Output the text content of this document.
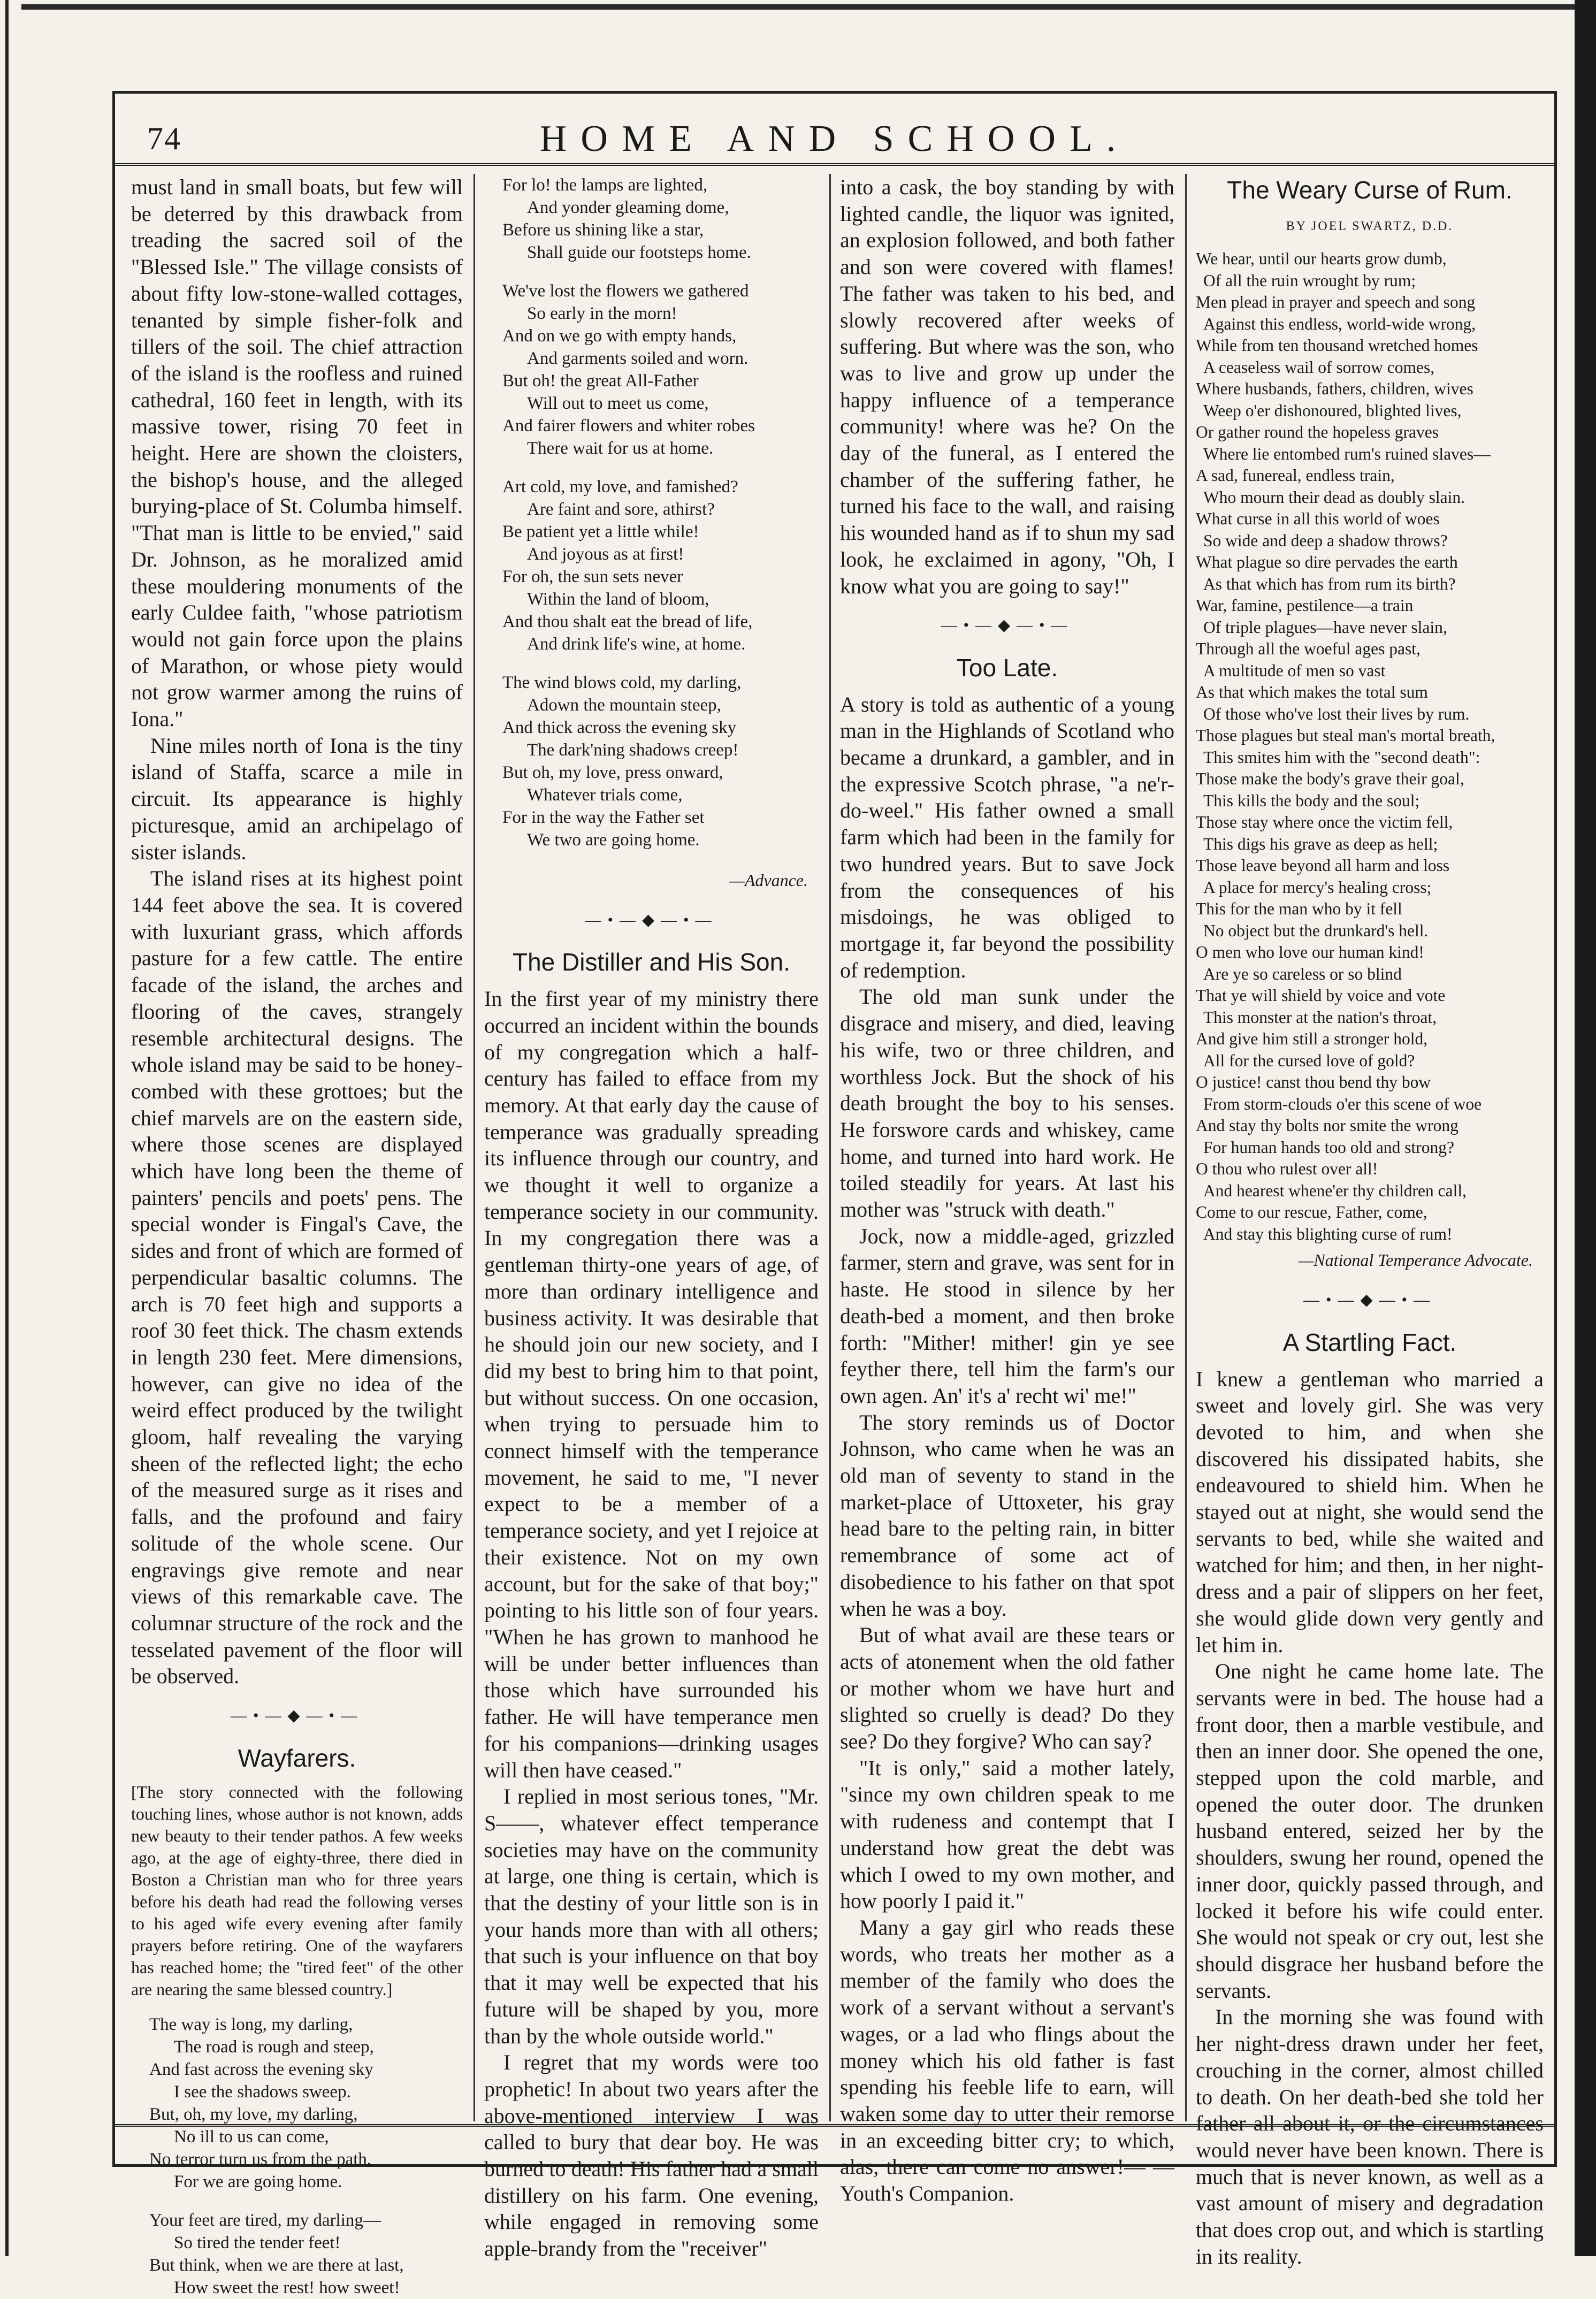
74	HOME AND SCHOOL.

must land in small boats, but few will be deterred by this drawback from treading the sacred soil of the "Blessed Isle." The village consists of about fifty low-stone-walled cottages, tenanted by simple fisher-folk and tillers of the soil. The chief attraction of the island is the roofless and ruined cathedral, 160 feet in length, with its massive tower, rising 70 feet in height. Here are shown the cloisters, the bishop's house, and the alleged burying-place of St. Columba himself. "That man is little to be envied," said Dr. Johnson, as he moralized amid these mouldering monuments of the early Culdee faith, "whose patriotism would not gain force upon the plains of Marathon, or whose piety would not grow warmer among the ruins of Iona."

Nine miles north of Iona is the tiny island of Staffa, scarce a mile in circuit. Its appearance is highly picturesque, amid an archipelago of sister islands.

The island rises at its highest point 144 feet above the sea. It is covered with luxuriant grass, which affords pasture for a few cattle. The entire facade of the island, the arches and flooring of the caves, strangely resemble architectural designs. The whole island may be said to be honey-combed with these grottoes; but the chief marvels are on the eastern side, where those scenes are displayed which have long been the theme of painters' pencils and poets' pens. The special wonder is Fingal's Cave, the sides and front of which are formed of perpendicular basaltic columns. The arch is 70 feet high and supports a roof 30 feet thick. The chasm extends in length 230 feet. Mere dimensions, however, can give no idea of the weird effect produced by the twilight gloom, half revealing the varying sheen of the reflected light; the echo of the measured surge as it rises and falls, and the profound and fairy solitude of the whole scene. Our engravings give remote and near views of this remarkable cave. The columnar structure of the rock and the tesselated pavement of the floor will be observed.

—•—◆—•—
Wayfarers.
[The story connected with the following touching lines, whose author is not known, adds new beauty to their tender pathos. A few weeks ago, at the age of eighty-three, there died in Boston a Christian man who for three years before his death had read the following verses to his aged wife every evening after family prayers before retiring. One of the wayfarers has reached home; the "tired feet" of the other are nearing the same blessed country.]
The way is long, my darling,
The road is rough and steep,
And fast across the evening sky
I see the shadows sweep.
But, oh, my love, my darling,
No ill to us can come,
No terror turn us from the path,
For we are going home.
Your feet are tired, my darling—
So tired the tender feet!
But think, when we are there at last,
How sweet the rest! how sweet!
For lo! the lamps are lighted,
And yonder gleaming dome,
Before us shining like a star,
Shall guide our footsteps home.
We've lost the flowers we gathered
So early in the morn!
And on we go with empty hands,
And garments soiled and worn.
But oh! the great All-Father
Will out to meet us come,
And fairer flowers and whiter robes
There wait for us at home.
Art cold, my love, and famished?
Are faint and sore, athirst?
Be patient yet a little while!
And joyous as at first!
For oh, the sun sets never
Within the land of bloom,
And thou shalt eat the bread of life,
And drink life's wine, at home.
The wind blows cold, my darling,
Adown the mountain steep,
And thick across the evening sky
The dark'ning shadows creep!
But oh, my love, press onward,
Whatever trials come,
For in the way the Father set
We two are going home.
—Advance.
—•—◆—•—
The Distiller and His Son.

In the first year of my ministry there occurred an incident within the bounds of my congregation which a half-century has failed to efface from my memory. At that early day the cause of temperance was gradually spreading its influence through our country, and we thought it well to organize a temperance society in our community. In my congregation there was a gentleman thirty-one years of age, of more than ordinary intelligence and business activity. It was desirable that he should join our new society, and I did my best to bring him to that point, but without success. On one occasion, when trying to persuade him to connect himself with the temperance movement, he said to me, "I never expect to be a member of a temperance society, and yet I rejoice at their existence. Not on my own account, but for the sake of that boy;" pointing to his little son of four years. "When he has grown to manhood he will be under better influences than those which have surrounded his father. He will have temperance men for his companions—drinking usages will then have ceased."

I replied in most serious tones, "Mr. S——, whatever effect temperance societies may have on the community at large, one thing is certain, which is that the destiny of your little son is in your hands more than with all others; that such is your influence on that boy that it may well be expected that his future will be shaped by you, more than by the whole outside world."

I regret that my words were too prophetic! In about two years after the above-mentioned interview I was called to bury that dear boy. He was burned to death! His father had a small distillery on his farm. One evening, while engaged in removing some apple-brandy from the "receiver"

into a cask, the boy standing by with lighted candle, the liquor was ignited, an explosion followed, and both father and son were covered with flames! The father was taken to his bed, and slowly recovered after weeks of suffering. But where was the son, who was to live and grow up under the happy influence of a temperance community! where was he? On the day of the funeral, as I entered the chamber of the suffering father, he turned his face to the wall, and raising his wounded hand as if to shun my sad look, he exclaimed in agony, "Oh, I know what you are going to say!"

—•—◆—•—
Too Late.

A story is told as authentic of a young man in the Highlands of Scotland who became a drunkard, a gambler, and in the expressive Scotch phrase, "a ne'r-do-weel." His father owned a small farm which had been in the family for two hundred years. But to save Jock from the consequences of his misdoings, he was obliged to mortgage it, far beyond the possibility of redemption.

The old man sunk under the disgrace and misery, and died, leaving his wife, two or three children, and worthless Jock. But the shock of his death brought the boy to his senses. He forswore cards and whiskey, came home, and turned into hard work. He toiled steadily for years. At last his mother was "struck with death."

Jock, now a middle-aged, grizzled farmer, stern and grave, was sent for in haste. He stood in silence by her death-bed a moment, and then broke forth: "Mither! mither! gin ye see feyther there, tell him the farm's our own agen. An' it's a' recht wi' me!"

The story reminds us of Doctor Johnson, who came when he was an old man of seventy to stand in the market-place of Uttoxeter, his gray head bare to the pelting rain, in bitter remembrance of some act of disobedience to his father on that spot when he was a boy.

But of what avail are these tears or acts of atonement when the old father or mother whom we have hurt and slighted so cruelly is dead? Do they see? Do they forgive? Who can say?

"It is only," said a mother lately, "since my own children speak to me with rudeness and contempt that I understand how great the debt was which I owed to my own mother, and how poorly I paid it."

Many a gay girl who reads these words, who treats her mother as a member of the family who does the work of a servant without a servant's wages, or a lad who flings about the money which his old father is fast spending his feeble life to earn, will waken some day to utter their remorse in an exceeding bitter cry; to which, alas, there can come no answer!— —Youth's Companion.

The Weary Curse of Rum.
BY JOEL SWARTZ, D.D.
We hear, until our hearts grow dumb,
Of all the ruin wrought by rum;
Men plead in prayer and speech and song
Against this endless, world-wide wrong,
While from ten thousand wretched homes
A ceaseless wail of sorrow comes,
Where husbands, fathers, children, wives
Weep o'er dishonoured, blighted lives,
Or gather round the hopeless graves
Where lie entombed rum's ruined slaves—
A sad, funereal, endless train,
Who mourn their dead as doubly slain.
What curse in all this world of woes
So wide and deep a shadow throws?
What plague so dire pervades the earth
As that which has from rum its birth?
War, famine, pestilence—a train
Of triple plagues—have never slain,
Through all the woeful ages past,
A multitude of men so vast
As that which makes the total sum
Of those who've lost their lives by rum.
Those plagues but steal man's mortal breath,
This smites him with the "second death":
Those make the body's grave their goal,
This kills the body and the soul;
Those stay where once the victim fell,
This digs his grave as deep as hell;
Those leave beyond all harm and loss
A place for mercy's healing cross;
This for the man who by it fell
No object but the drunkard's hell.
O men who love our human kind!
Are ye so careless or so blind
That ye will shield by voice and vote
This monster at the nation's throat,
And give him still a stronger hold,
All for the cursed love of gold?
O justice! canst thou bend thy bow
From storm-clouds o'er this scene of woe
And stay thy bolts nor smite the wrong
For human hands too old and strong?
O thou who rulest over all!
And hearest whene'er thy children call,
Come to our rescue, Father, come,
And stay this blighting curse of rum!
—National Temperance Advocate.
—•—◆—•—
A Startling Fact.

I knew a gentleman who married a sweet and lovely girl. She was very devoted to him, and when she discovered his dissipated habits, she endeavoured to shield him. When he stayed out at night, she would send the servants to bed, while she waited and watched for him; and then, in her night-dress and a pair of slippers on her feet, she would glide down very gently and let him in.

One night he came home late. The servants were in bed. The house had a front door, then a marble vestibule, and then an inner door. She opened the one, stepped upon the cold marble, and opened the outer door. The drunken husband entered, seized her by the shoulders, swung her round, opened the inner door, quickly passed through, and locked it before his wife could enter. She would not speak or cry out, lest she should disgrace her husband before the servants.

In the morning she was found with her night-dress drawn under her feet, crouching in the corner, almost chilled to death. On her death-bed she told her father all about it, or the circumstances would never have been known. There is much that is never known, as well as a vast amount of misery and degradation that does crop out, and which is startling in its reality.
